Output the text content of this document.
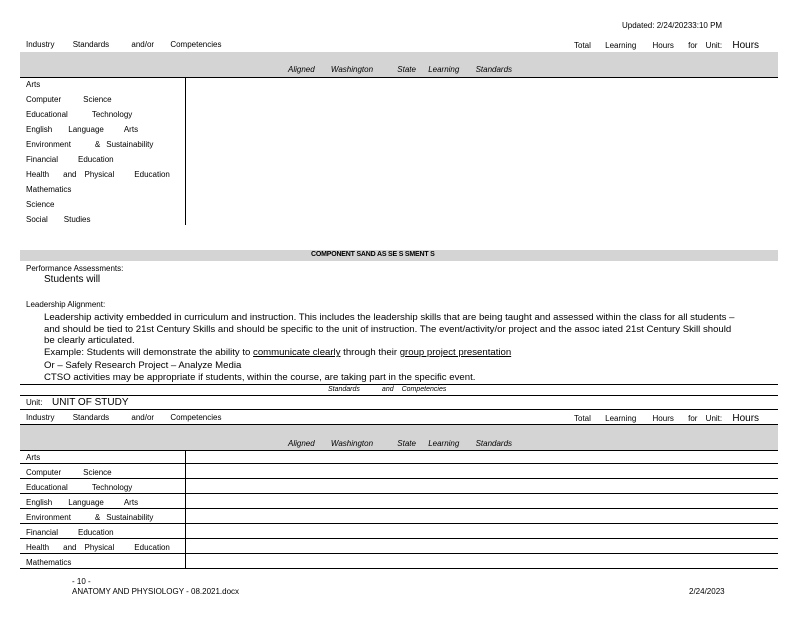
Updated: 2/24/20233:10 PM
Industry Standards	and/or Competencies	Total Learning Hours for Unit: Hours
Aligned Washington	State Learning Standards
Arts
Computer	Science
Educational	Technology
English Language	Arts
Environment	& Sustainability
Financial	Education
Health and Physical	Education
Mathematics
Science
Social Studies
COMPONENT SAND AS SE S SMENT S
Performance Assessments:
Students will
Leadership Alignment:
Leadership activity embedded in curriculum and instruction. This includes the leadership skills that are being taught and assessed within the class for all students –
and should be tied to 21st Century Skills and should be specific to the unit of instruction. The event/activity/or project and the assoc iated 21st Century Skill should
be clearly articulated.
Example: Students will demonstrate the ability to communicate clearly through their group project presentation
Or – Safely Research Project – Analyze Media
CTSO activities may be appropriate if students, within the course, are taking part in the specific event.
Standards	and Competencies
Unit: UNIT OF STUDY
Industry Standards	and/or Competencies	Total Learning Hours for Unit: Hours
Aligned Washington	State Learning Standards
Arts
Computer	Science
Educational	Technology
English Language	Arts
Environment	& Sustainability
Financial	Education
Health and Physical	Education
Mathematics
- 10 -
ANATOMY AND PHYSIOLOGY - 08.2021.docx	2/24/2023
